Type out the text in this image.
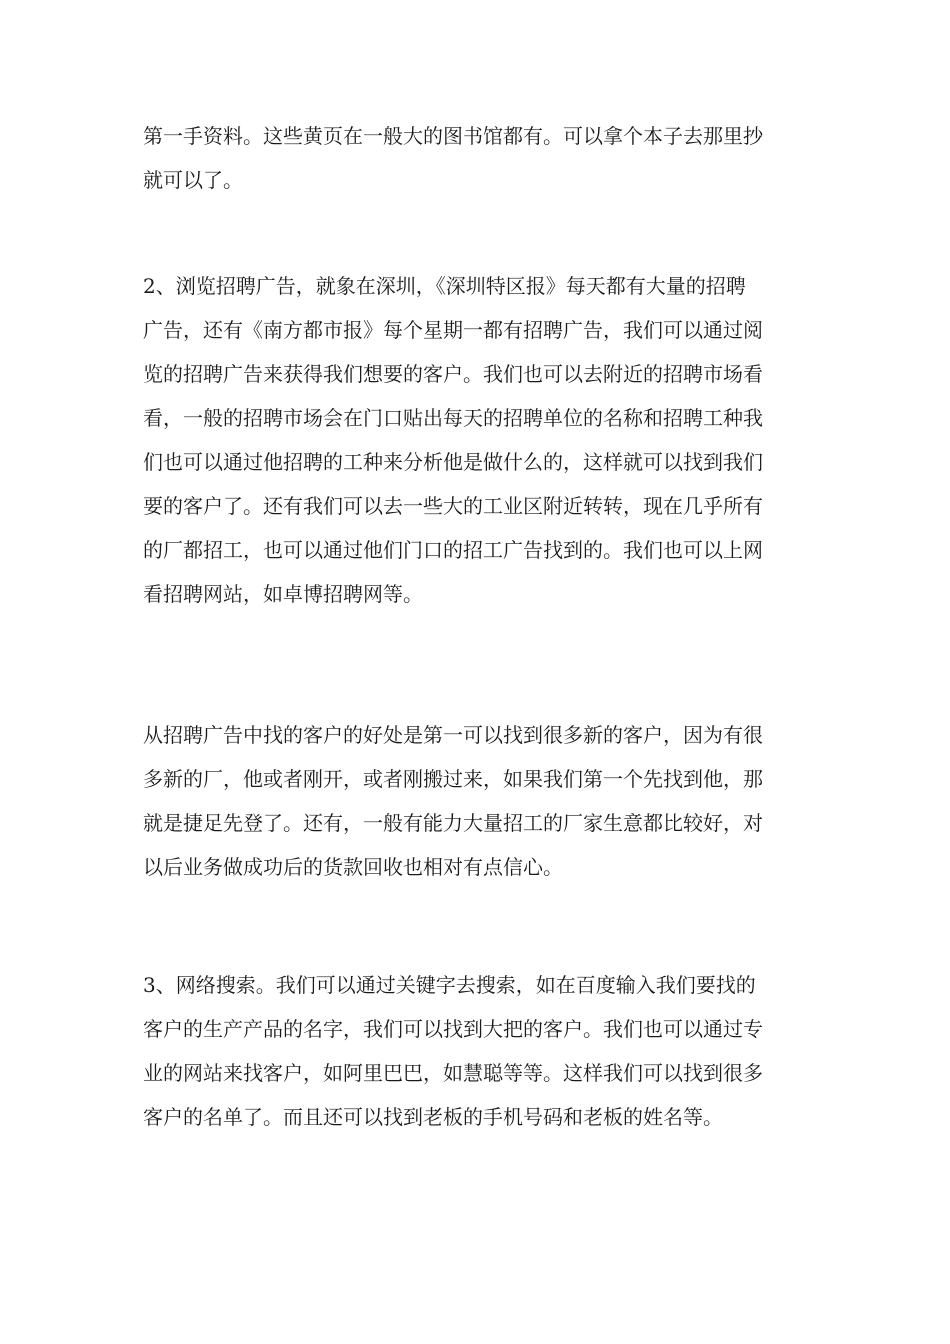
第一手资料。这些黄页在一般大的图书馆都有。可以拿个本子去那里抄
就可以了。
2、浏览招聘广告，就象在深圳，《深圳特区报》每天都有大量的招聘
广告，还有《南方都市报》每个星期一都有招聘广告，我们可以通过阅
览的招聘广告来获得我们想要的客户。我们也可以去附近的招聘市场看
看，一般的招聘市场会在门口贴出每天的招聘单位的名称和招聘工种我
们也可以通过他招聘的工种来分析他是做什么的，这样就可以找到我们
要的客户了。还有我们可以去一些大的工业区附近转转，现在几乎所有
的厂都招工，也可以通过他们门口的招工广告找到的。我们也可以上网
看招聘网站，如卓博招聘网等。
从招聘广告中找的客户的好处是第一可以找到很多新的客户，因为有很
多新的厂，他或者刚开，或者刚搬过来，如果我们第一个先找到他，那
就是捷足先登了。还有，一般有能力大量招工的厂家生意都比较好，对
以后业务做成功后的货款回收也相对有点信心。
3、网络搜索。我们可以通过关键字去搜索，如在百度输入我们要找的
客户的生产产品的名字，我们可以找到大把的客户。我们也可以通过专
业的网站来找客户，如阿里巴巴，如慧聪等等。这样我们可以找到很多
客户的名单了。而且还可以找到老板的手机号码和老板的姓名等。
